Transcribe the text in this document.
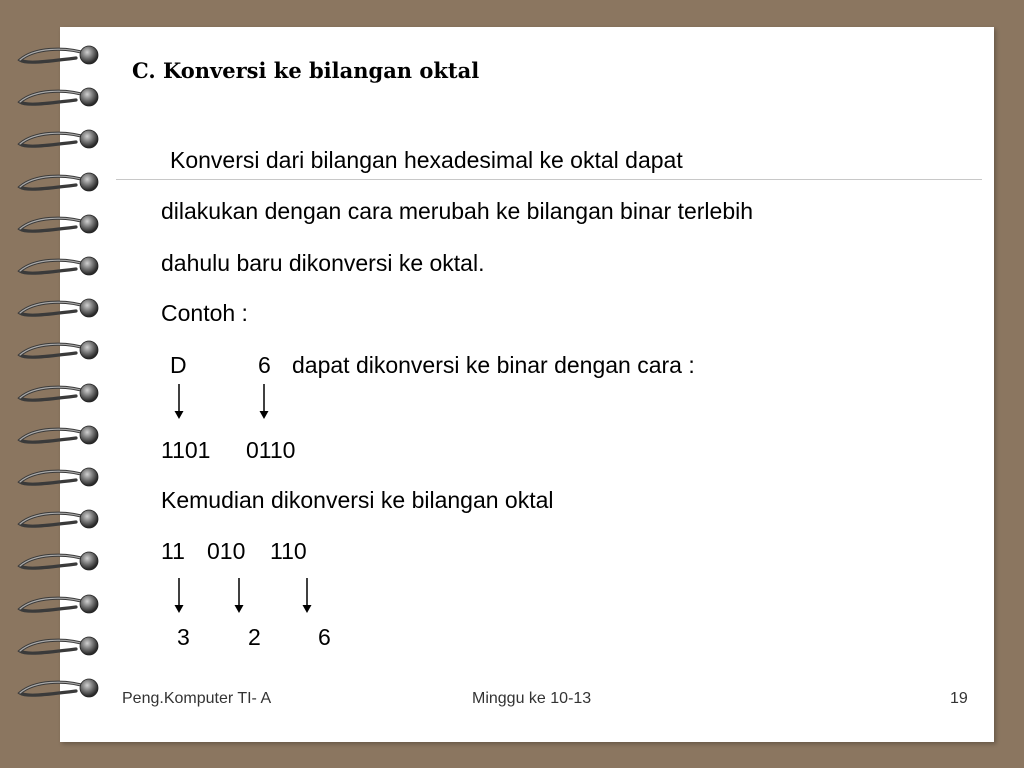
C. Konversi ke bilangan oktal
Konversi dari bilangan hexadesimal ke oktal dapat
dilakukan dengan cara merubah ke bilangan binar terlebih
dahulu baru dikonversi ke oktal.
Contoh :
D	6 dapat dikonversi ke binar dengan cara :
1101 0110
Kemudian dikonversi ke bilangan oktal
11 010 110
3	2 6
Peng.Komputer TI- A	Minggu ke 10-13	19
